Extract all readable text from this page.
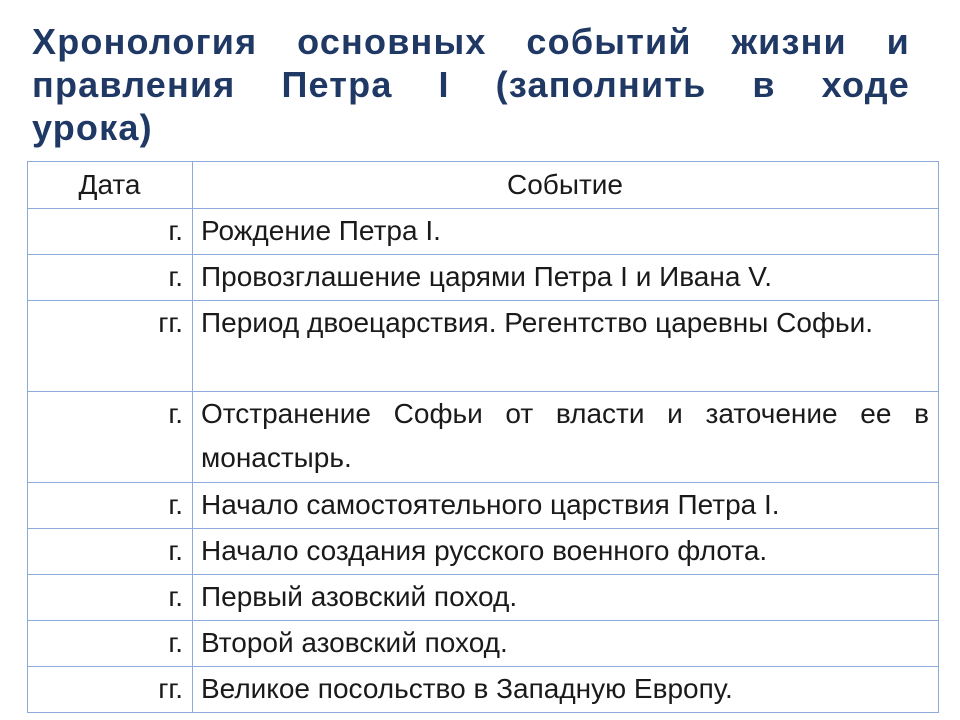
Хронология основных событий жизни и правления Петра I (заполнить в ходе урока)
Дата	Событие
г.	Рождение Петра I.
г.	Провозглашение царями Петра I и Ивана V.
гг.	Период двоецарствия. Регентство царевны Софьи.
г.	Отстранение Софьи от власти и заточение ее в монастырь.
г.	Начало самостоятельного царствия Петра I.
г.	Начало создания русского военного флота.
г.	Первый азовский поход.
г.	Второй азовский поход.
гг.	Великое посольство в Западную Европу.
